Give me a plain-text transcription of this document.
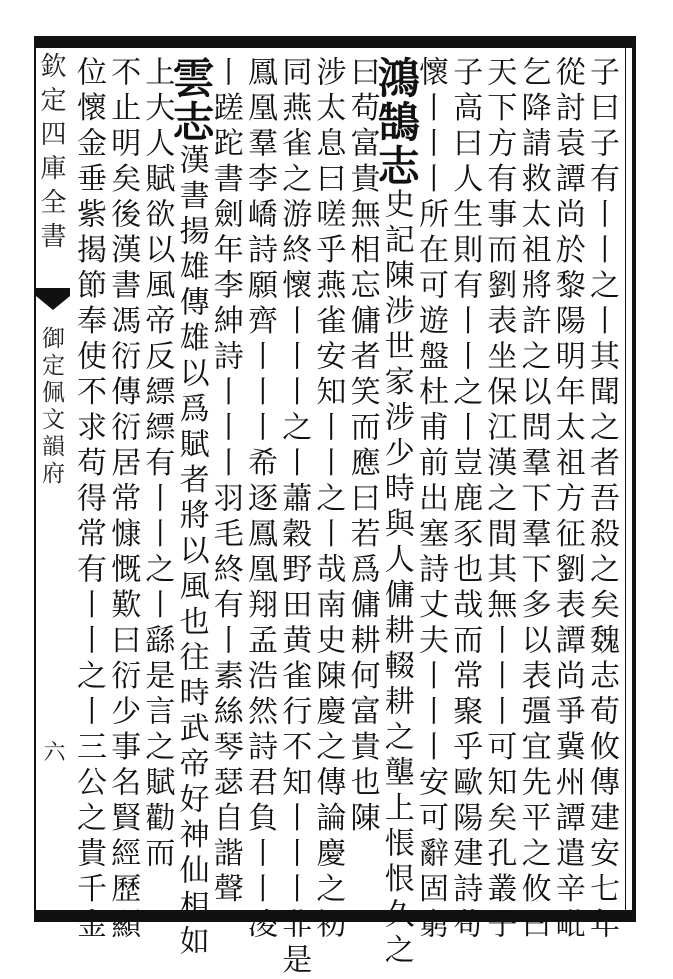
欽定四庫全書
御定佩文韻府
六	子曰子有丨丨之丨其聞之者吾殺之矣魏志荀攸傳建安七年
從討袁譚尚於黎陽明年太祖方征劉表譚尚爭冀州譚遣辛毗
乞降請救太祖將許之以問羣下羣下多以表彊宜先平之攸曰
天下方有事而劉表坐保江漢之間其無丨丨丨可知矣孔叢子
子高曰人生則有丨丨之丨豈鹿豕也哉而常聚乎歐陽建詩苟
懷丨丨丨所在可遊盤杜甫前出塞詩丈夫丨丨丨安可辭固窮
鴻鵠志史記陳涉世家涉少時與人傭耕輟耕之壟上悵恨久之
曰苟富貴無相忘傭者笑而應曰若爲傭耕何富貴也陳
涉太息曰嗟乎燕雀安知丨丨之丨哉南史陳慶之傳論慶之初
同燕雀之游終懷丨丨丨之丨蕭穀野田黄雀行不知丨丨丨非是
鳳凰羣李嶠詩願齊丨丨丨希逐鳳凰翔孟浩然詩君負丨丨凌
丨蹉跎書劍年李紳詩丨丨丨羽毛終有丨素絲琴瑟自諧聲
雲志漢書揚雄傳雄以爲賦者將以風也往時武帝好神仙相如
上大人賦欲以風帝反縹縹有丨丨之丨繇是言之賦勸而
不止明矣後漢書馮衍傳衍居常慷慨歎曰衍少事名賢經歷顯
位懷金垂紫揭節奉使不求苟得常有丨丨之丨三公之貴千金
